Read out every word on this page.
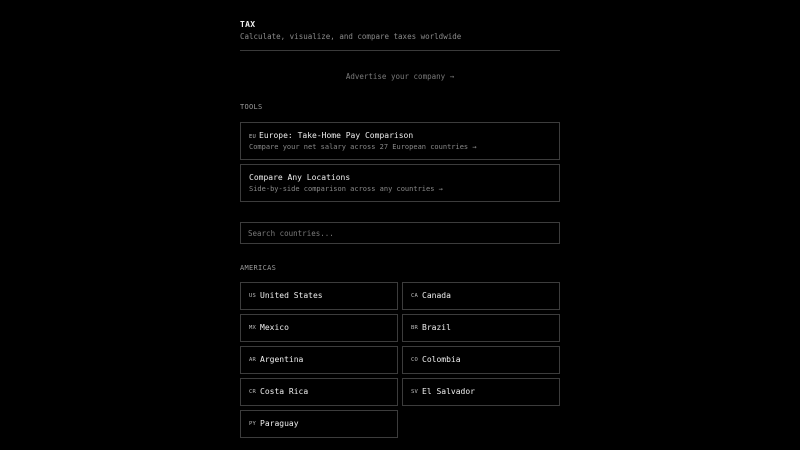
TAX
Calculate, visualize, and compare taxes worldwide
Advertise your company →
TOOLS
EU Europe: Take-Home Pay Comparison
Compare your net salary across 27 European countries →
Compare Any Locations
Side-by-side comparison across any countries →
Search countries...
AMERICAS
US United States	CA Canada
MX Mexico	BR Brazil
AR Argentina	CO Colombia
CR Costa Rica	SV El Salvador
PY Paraguay
